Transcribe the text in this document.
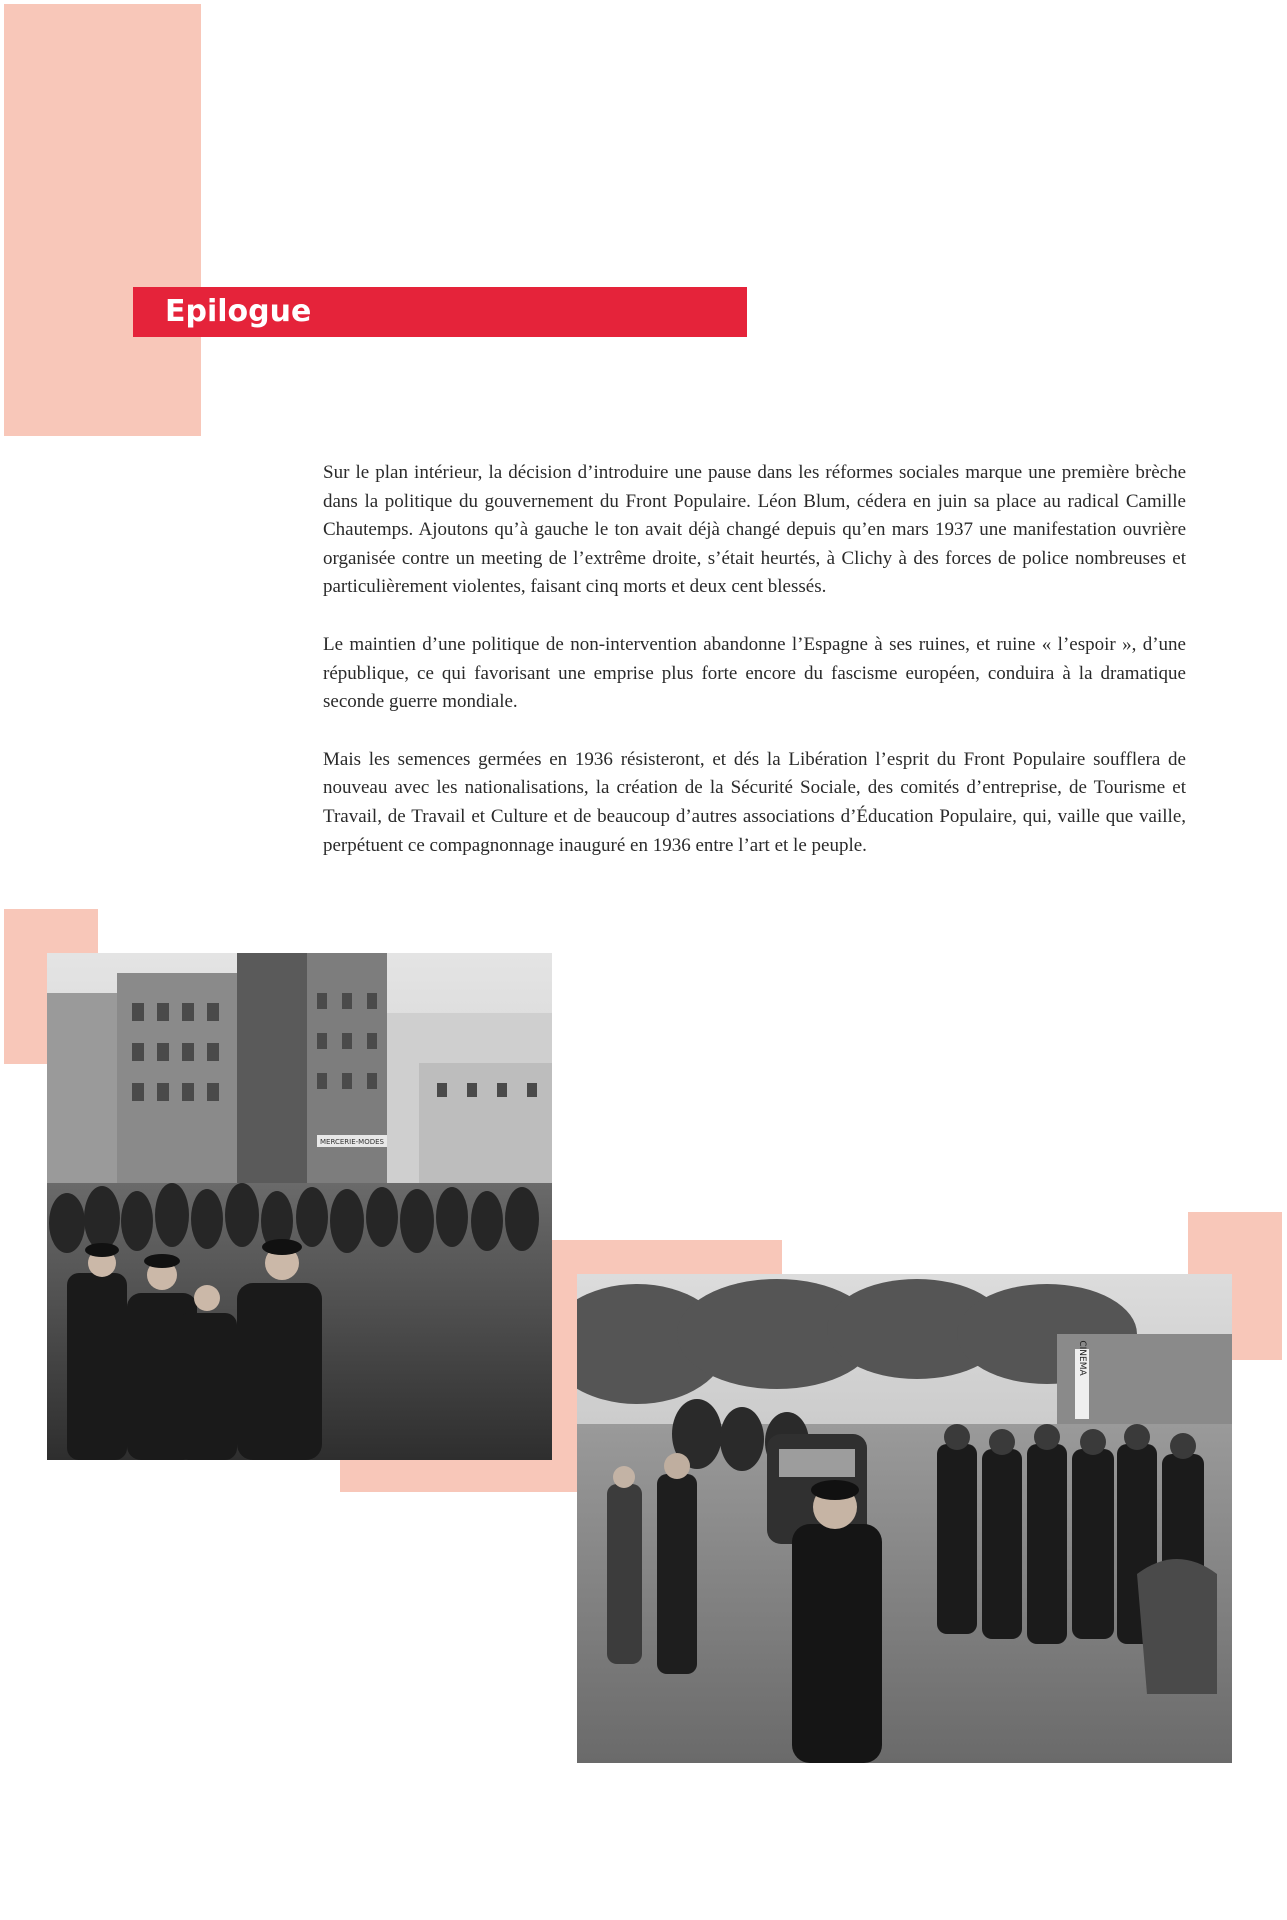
Epilogue

Sur le plan intérieur, la décision d’introduire une pause dans les réformes sociales marque une première brèche dans la politique du gouvernement du Front Populaire. Léon Blum, cédera en juin sa place au radical Camille Chautemps. Ajoutons qu’à gauche le ton avait déjà changé depuis qu’en mars 1937 une manifestation ouvrière organisée contre un meeting de l’extrême droite, s’était heurtés, à Clichy à des forces de police nombreuses et particulièrement violentes, faisant cinq morts et deux cent blessés.

Le maintien d’une politique de non-intervention abandonne l’Espagne à ses ruines, et ruine « l’espoir », d’une république, ce qui favorisant une emprise plus forte encore du fascisme européen, conduira à la dramatique seconde guerre mondiale.

Mais les semences germées en 1936 résisteront, et dés la Libération l’esprit du Front Populaire soufflera de nouveau avec les nationalisations, la création de la Sécurité Sociale, des comités d’entreprise, de Tourisme et Travail, de Travail et Culture et de beaucoup d’autres associations d’Éducation Populaire, qui, vaille que vaille, perpétuent ce compagnonnage inauguré en 1936 entre l’art et le peuple.

MERCERIE-MODES
CINEMA
